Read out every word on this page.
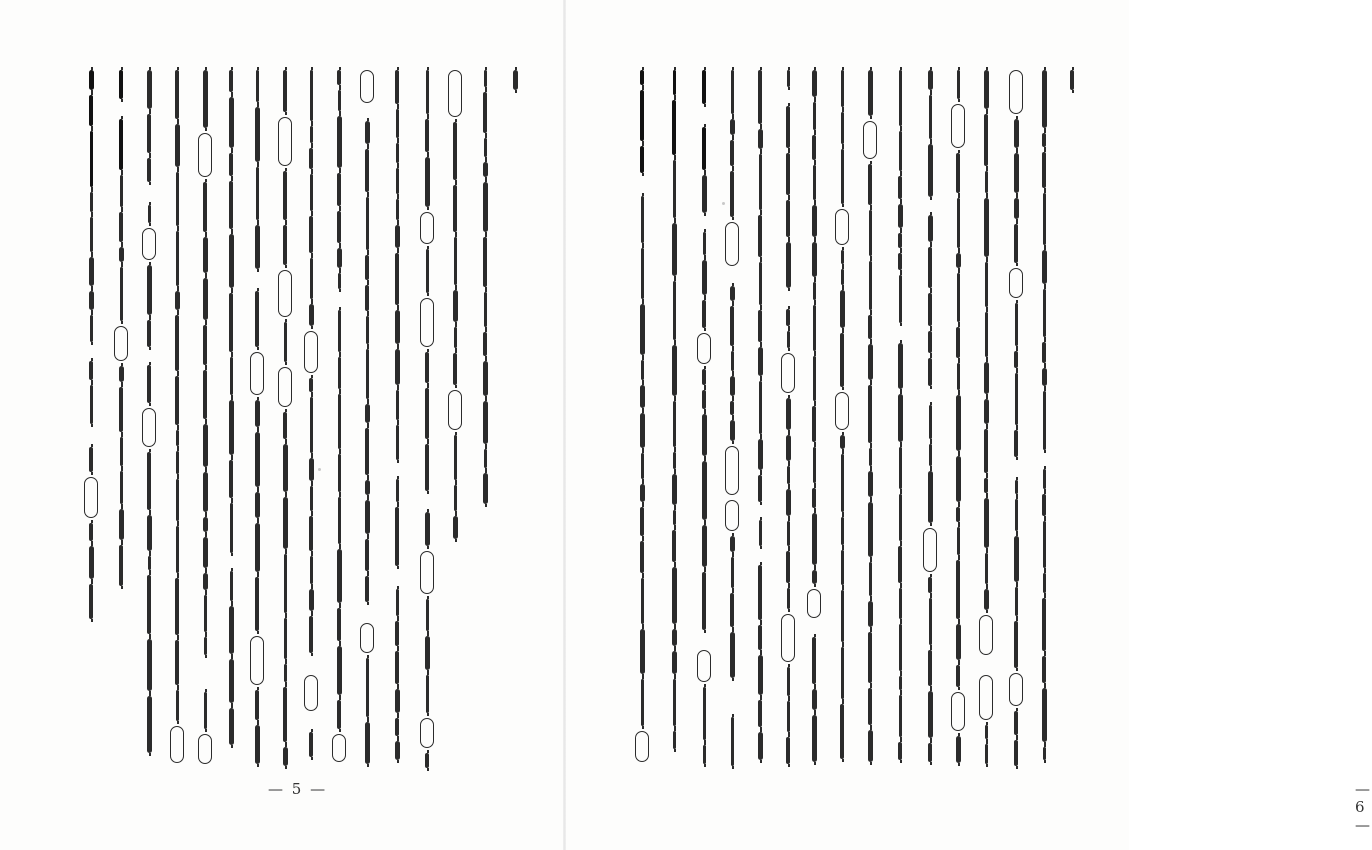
— 5 —	— 6 —
